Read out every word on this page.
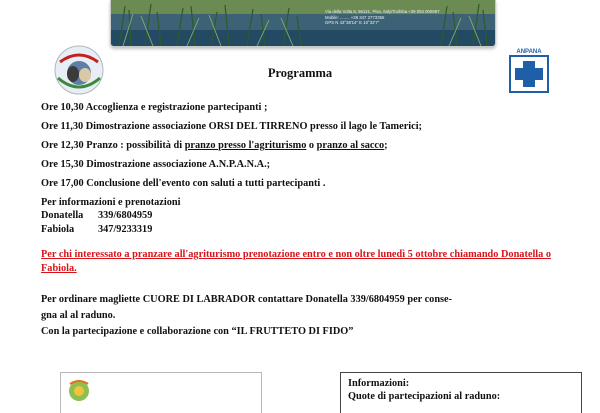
Via della Volta 8, 56121, Pisa, Italy/Toshiba +39 053 000987
Mobile: ........ +39 347 2773356
GPS N 43°38'14" E 10°32'7"
ANPANA
Programma
Ore 10,30 Accoglienza e registrazione partecipanti ;
Ore 11,30 Dimostrazione associazione ORSI DEL TIRRENO presso il lago le Tamerici;
Ore 12,30 Pranzo : possibilità di pranzo presso l'agriturismo o pranzo al sacco;
Ore 15,30 Dimostrazione associazione A.N.P.A.N.A.;
Ore 17,00 Conclusione dell'evento con saluti a tutti partecipanti .
Per informazioni e prenotazioni
Donatella 339/6804959
Fabiola 347/9233319
Per chi interessato a pranzare all'agriturismo prenotazione entro e non oltre lunedì 5 ottobre chiamando Donatella o Fabiola.
Per ordinare magliette CUORE DI LABRADOR contattare Donatella 339/6804959 per conse-
gna al al raduno.
Con la partecipazione e collaborazione con “IL FRUTTETO DI FIDO”
Informazioni:
Quote di partecipazioni al raduno:
